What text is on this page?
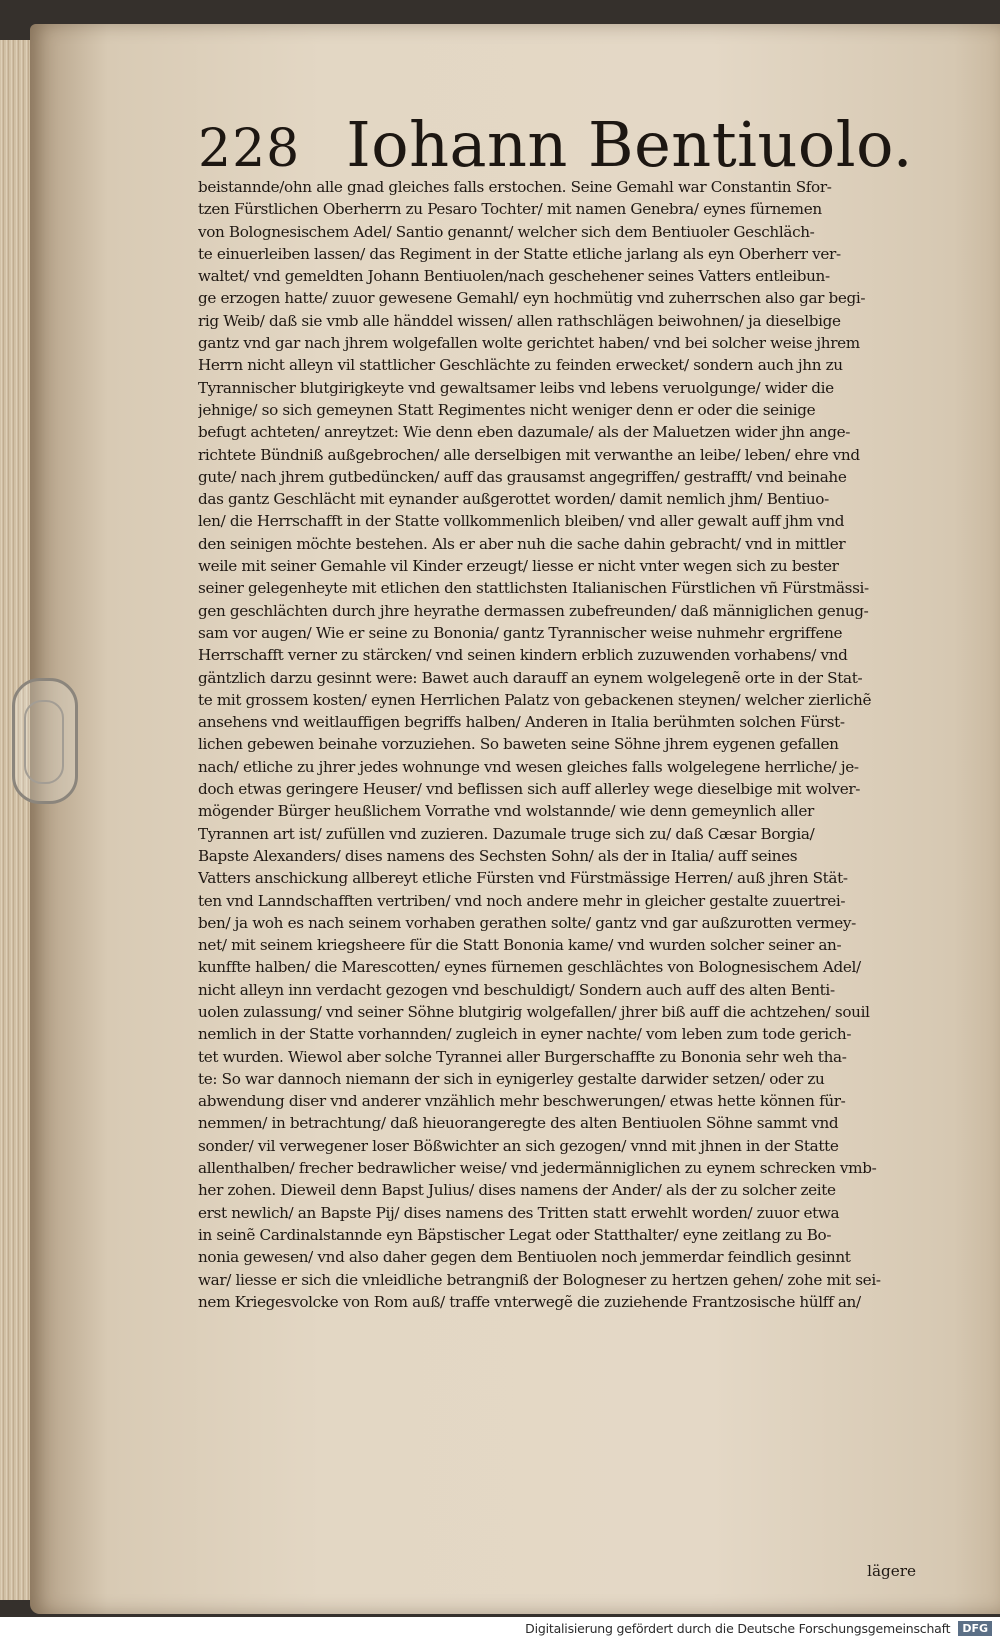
228 Iohann Bentiuolo.
beistannde/ohn alle gnad gleiches falls erstochen. Seine Gemahl war Constantin Sfor-
tzen Fürstlichen Oberherrn zu Pesaro Tochter/ mit namen Genebra/ eynes fürnemen
von Bolognesischem Adel/ Santio genannt/ welcher sich dem Bentiuoler Geschläch-
te einuerleiben lassen/ das Regiment in der Statte etliche jarlang als eyn Oberherr ver-
waltet/ vnd gemeldten Johann Bentiuolen/nach geschehener seines Vatters entleibun-
ge erzogen hatte/ zuuor gewesene Gemahl/ eyn hochmütig vnd zuherrschen also gar begi-
rig Weib/ daß sie vmb alle händdel wissen/ allen rathschlägen beiwohnen/ ja dieselbige
gantz vnd gar nach jhrem wolgefallen wolte gerichtet haben/ vnd bei solcher weise jhrem
Herrn nicht alleyn vil stattlicher Geschlächte zu feinden erwecket/ sondern auch jhn zu
Tyrannischer blutgirigkeyte vnd gewaltsamer leibs vnd lebens veruolgunge/ wider die
jehnige/ so sich gemeynen Statt Regimentes nicht weniger denn er oder die seinige
befugt achteten/ anreytzet: Wie denn eben dazumale/ als der Maluetzen wider jhn ange-
richtete Bündniß außgebrochen/ alle derselbigen mit verwanthe an leibe/ leben/ ehre vnd
gute/ nach jhrem gutbedüncken/ auff das grausamst angegriffen/ gestrafft/ vnd beinahe
das gantz Geschlächt mit eynander außgerottet worden/ damit nemlich jhm/ Bentiuo-
len/ die Herrschafft in der Statte vollkommenlich bleiben/ vnd aller gewalt auff jhm vnd
den seinigen möchte bestehen. Als er aber nuh die sache dahin gebracht/ vnd in mittler
weile mit seiner Gemahle vil Kinder erzeugt/ liesse er nicht vnter wegen sich zu bester
seiner gelegenheyte mit etlichen den stattlichsten Italianischen Fürstlichen vñ Fürstmässi-
gen geschlächten durch jhre heyrathe dermassen zubefreunden/ daß männiglichen genug-
sam vor augen/ Wie er seine zu Bononia/ gantz Tyrannischer weise nuhmehr ergriffene
Herrschafft verner zu stärcken/ vnd seinen kindern erblich zuzuwenden vorhabens/ vnd
gäntzlich darzu gesinnt were: Bawet auch darauff an eynem wolgelegenẽ orte in der Stat-
te mit grossem kosten/ eynen Herrlichen Palatz von gebackenen steynen/ welcher zierlichẽ
ansehens vnd weitlauffigen begriffs halben/ Anderen in Italia berühmten solchen Fürst-
lichen gebewen beinahe vorzuziehen. So baweten seine Söhne jhrem eygenen gefallen
nach/ etliche zu jhrer jedes wohnunge vnd wesen gleiches falls wolgelegene herrliche/ je-
doch etwas geringere Heuser/ vnd beflissen sich auff allerley wege dieselbige mit wolver-
mögender Bürger heußlichem Vorrathe vnd wolstannde/ wie denn gemeynlich aller
Tyrannen art ist/ zufüllen vnd zuzieren. Dazumale truge sich zu/ daß Cæsar Borgia/
Bapste Alexanders/ dises namens des Sechsten Sohn/ als der in Italia/ auff seines
Vatters anschickung allbereyt etliche Fürsten vnd Fürstmässige Herren/ auß jhren Stät-
ten vnd Lanndschafften vertriben/ vnd noch andere mehr in gleicher gestalte zuuertrei-
ben/ ja woh es nach seinem vorhaben gerathen solte/ gantz vnd gar außzurotten vermey-
net/ mit seinem kriegsheere für die Statt Bononia kame/ vnd wurden solcher seiner an-
kunffte halben/ die Marescotten/ eynes fürnemen geschlächtes von Bolognesischem Adel/
nicht alleyn inn verdacht gezogen vnd beschuldigt/ Sondern auch auff des alten Benti-
uolen zulassung/ vnd seiner Söhne blutgirig wolgefallen/ jhrer biß auff die achtzehen/ souil
nemlich in der Statte vorhannden/ zugleich in eyner nachte/ vom leben zum tode gerich-
tet wurden. Wiewol aber solche Tyrannei aller Burgerschaffte zu Bononia sehr weh tha-
te: So war dannoch niemann der sich in eynigerley gestalte darwider setzen/ oder zu
abwendung diser vnd anderer vnzählich mehr beschwerungen/ etwas hette können für-
nemmen/ in betrachtung/ daß hieuorangeregte des alten Bentiuolen Söhne sammt vnd
sonder/ vil verwegener loser Bößwichter an sich gezogen/ vnnd mit jhnen in der Statte
allenthalben/ frecher bedrawlicher weise/ vnd jedermänniglichen zu eynem schrecken vmb-
her zohen. Dieweil denn Bapst Julius/ dises namens der Ander/ als der zu solcher zeite
erst newlich/ an Bapste Pij/ dises namens des Tritten statt erwehlt worden/ zuuor etwa
in seinẽ Cardinalstannde eyn Bäpstischer Legat oder Statthalter/ eyne zeitlang zu Bo-
nonia gewesen/ vnd also daher gegen dem Bentiuolen noch jemmerdar feindlich gesinnt
war/ liesse er sich die vnleidliche betrangniß der Bologneser zu hertzen gehen/ zohe mit sei-
nem Kriegesvolcke von Rom auß/ traffe vnterwegẽ die zuziehende Frantzosische hülff an/
lägere
Digitalisierung gefördert durch die Deutsche Forschungsgemeinschaft	DFG
